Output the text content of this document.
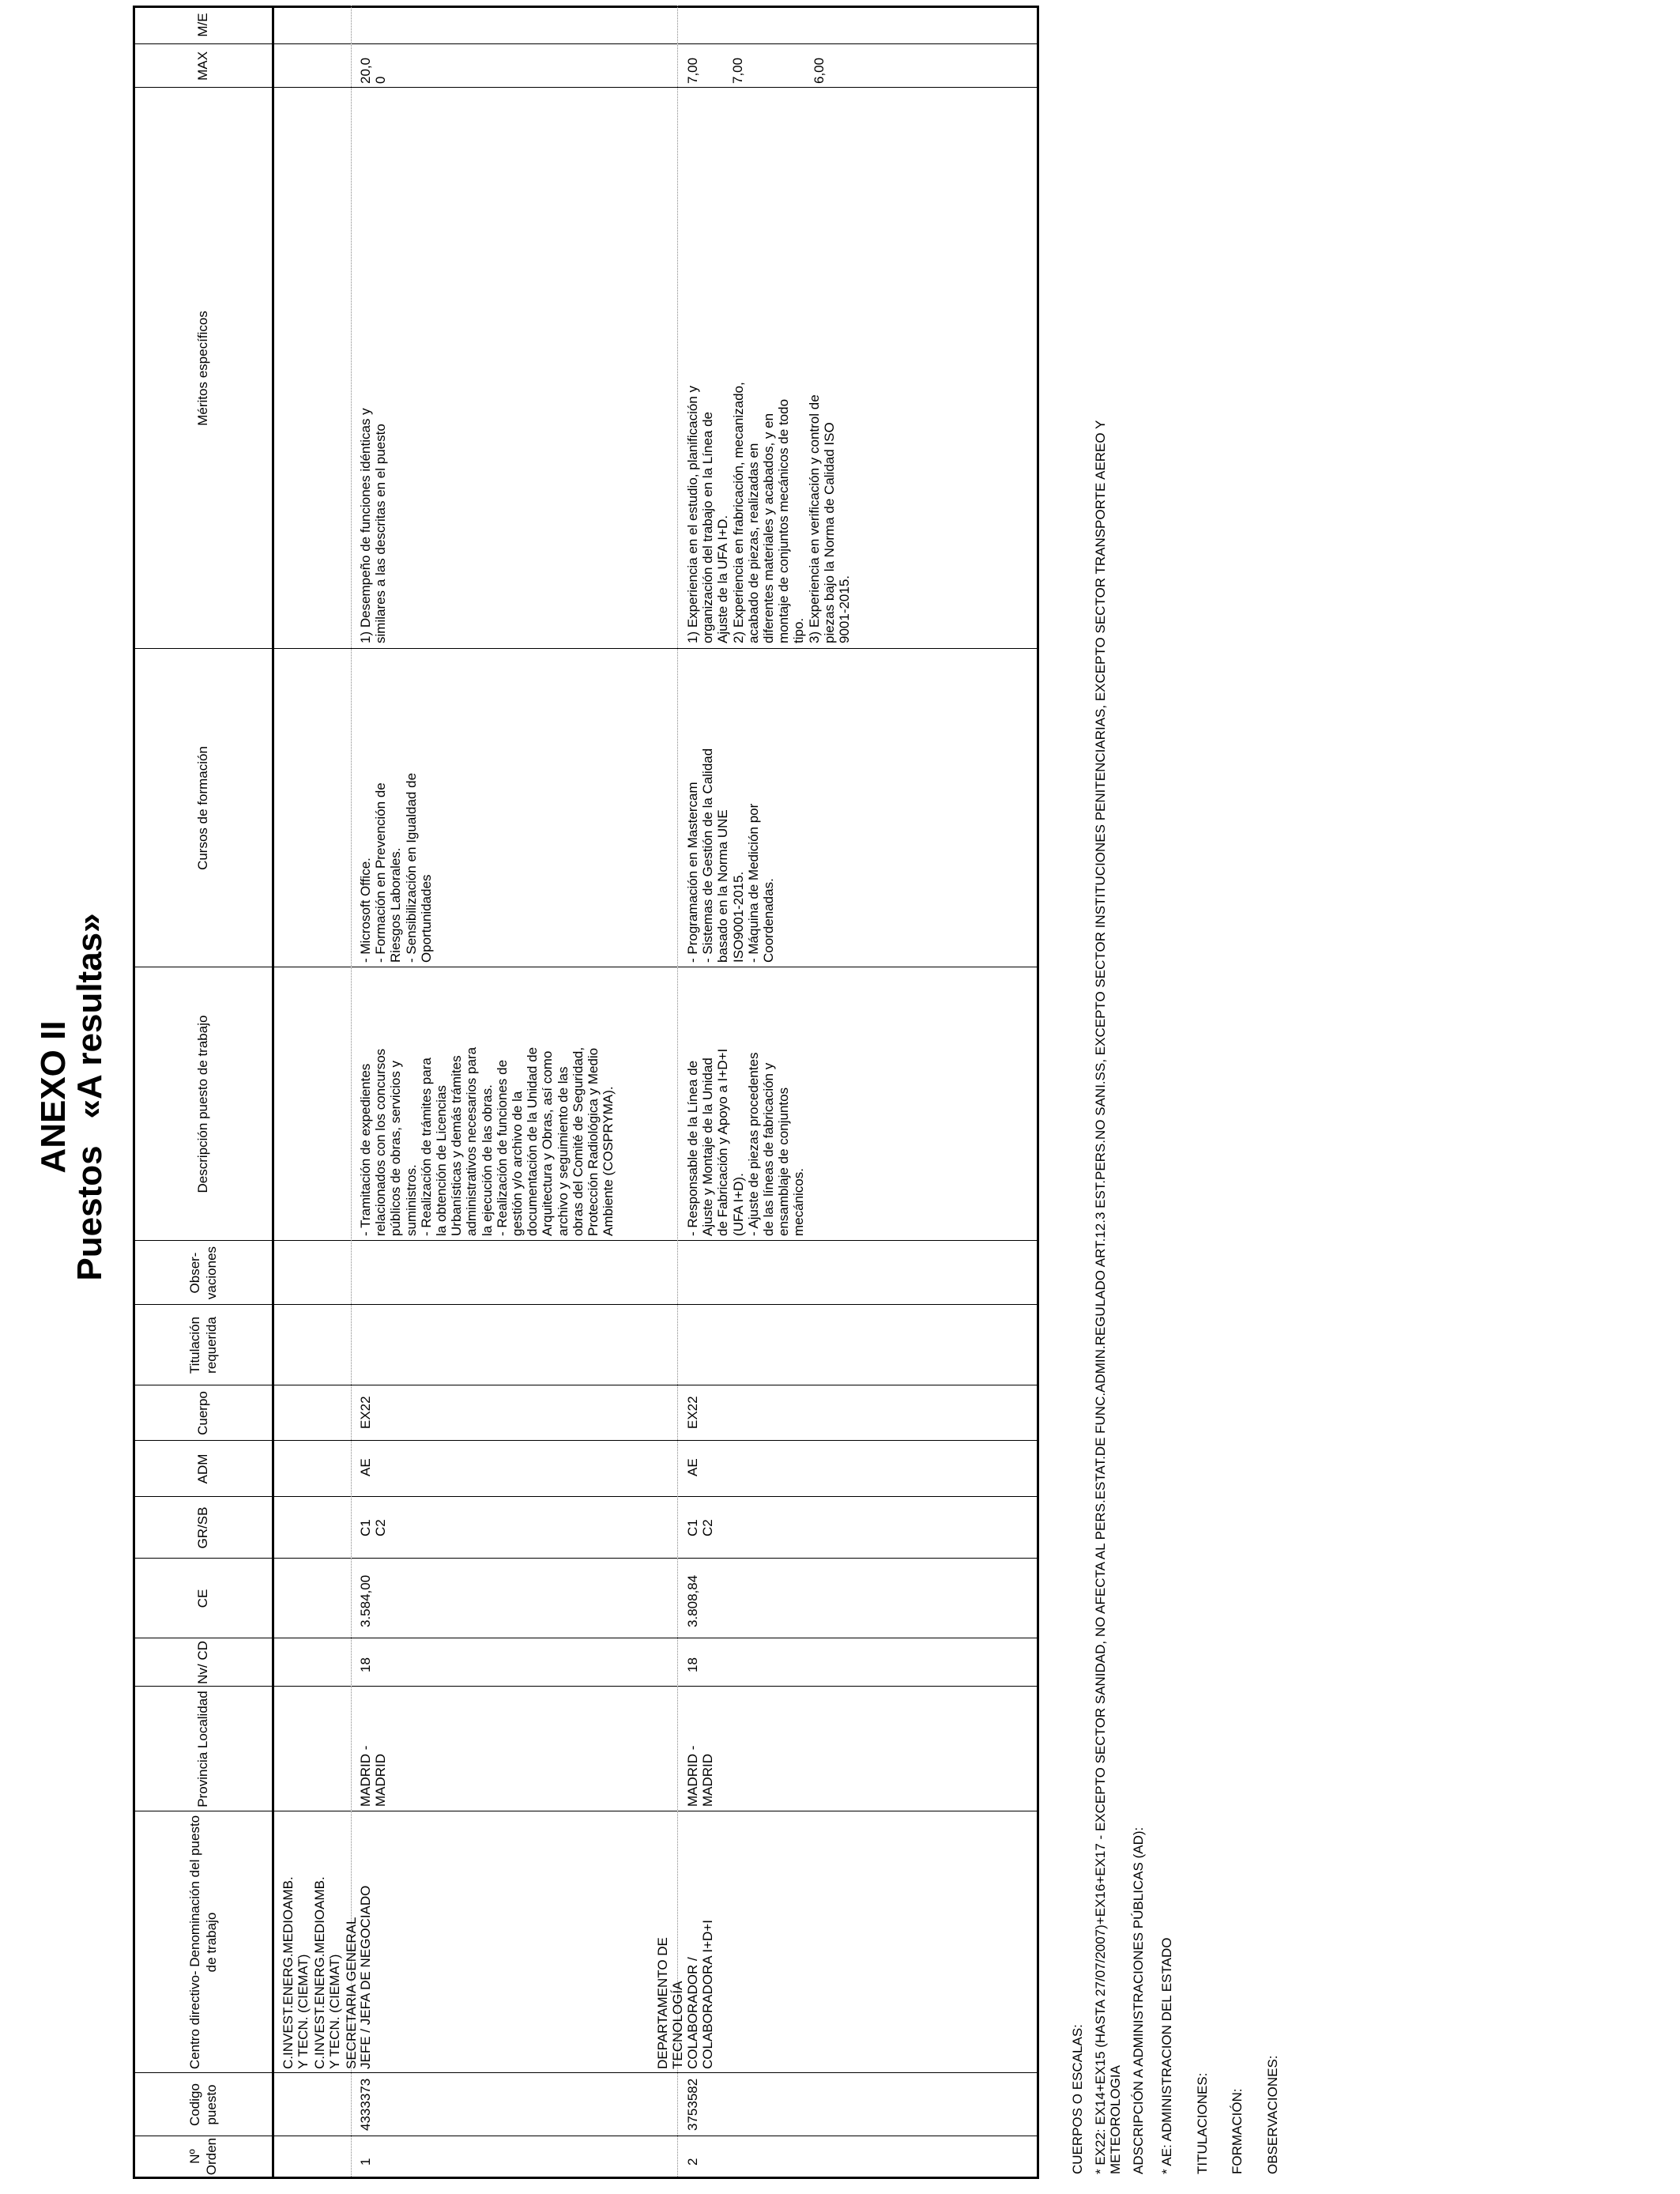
ANEXO II
Puestos«A resultas»
Nº Orden
Codigo puesto
Centro directivo- Denominación del puesto de trabajo
Provincia Localidad
Nv/ CD
CE
GR/SB
ADM
Cuerpo
Titulación requerida
Obser- vaciones
Descripción puesto de trabajo
Cursos de formación
Méritos específicos
MAX
M/E
C.INVEST.ENERG.MEDIOAMB.
Y TECN. (CIEMAT) C.INVEST.ENERG.MEDIOAMB.
Y TECN. (CIEMAT) SECRETARIA GENERAL
1
4333373
JEFE / JEFA DE NEGOCIADO
MADRID -
MADRID
18
3.584,00
C1
C2
AE
EX22
- Tramitación de expedientes
relacionados con los concursos
públicos de obras, servicios y
suministros.
- Realización de trámites para
la obtención de Licencias
Urbanísticas y demás trámites
administrativos necesarios para
la ejecución de las obras.
- Realización de funciones de
gestión y/o archivo de la
documentación de la Unidad de
Arquitectura y Obras, así como
archivo y seguimiento de las
obras del Comité de Seguridad,
Protección Radiológica y Medio
Ambiente (COSPRYMA).
- Microsoft Office.
- Formación en Prevención de
Riesgos Laborales.
- Sensibilización en Igualdad de
Oportunidades
1) Desempeño de funciones idénticas y
similares a las descritas en el puesto
20,0
0
DEPARTAMENTO DE
TECNOLOGÍA
2
3753582
COLABORADOR /
COLABORADORA I+D+I
MADRID -
MADRID
18
3.808,84
C1
C2
AE
EX22
- Responsable de la Línea de
Ajuste y Montaje de la Unidad
de Fabricación y Apoyo a I+D+I
(UFA I+D).
- Ajuste de piezas procedentes
de las líneas de fabricación y
ensamblaje de conjuntos
mecánicos.
- Programación en Mastercam
- Sistemas de Gestión de la Calidad
basado en la Norma UNE
ISO9001-2015.
- Máquina de Medición por
Coordenadas.
1) Experiencia en el estudio, planificación y
organización del trabajo en la Línea de
Ajuste de la UFA I+D.
2) Experiencia en frabricación, mecanizado,
acabado de piezas, realizadas en
diferentes materiales y acabados, y en
montaje de conjuntos mecánicos de todo
tipo.
3) Experiencia en verificación y control de
piezas bajo la Norma de Calidad ISO
9001-2015.
7,00 7,00	6,00
CUERPOS O ESCALAS: * EX22: EX14+EX15 (HASTA 27/07/2007)+EX16+EX17 - EXCEPTO SECTOR SANIDAD, NO AFECTA AL PERS.ESTAT.DE FUNC.ADMIN.REGULADO ART.12.3 EST.PERS.NO SANI.SS, EXCEPTO SECTOR INSTITUCIONES PENITENCIARIAS, EXCEPTO SECTOR TRANSPORTE AEREO Y
METEOROLOGIA ADSCRIPCIÓN A ADMINISTRACIONES PÚBLICAS (AD): * AE: ADMINISTRACION DEL ESTADO TITULACIONES: FORMACIÓN: OBSERVACIONES:
